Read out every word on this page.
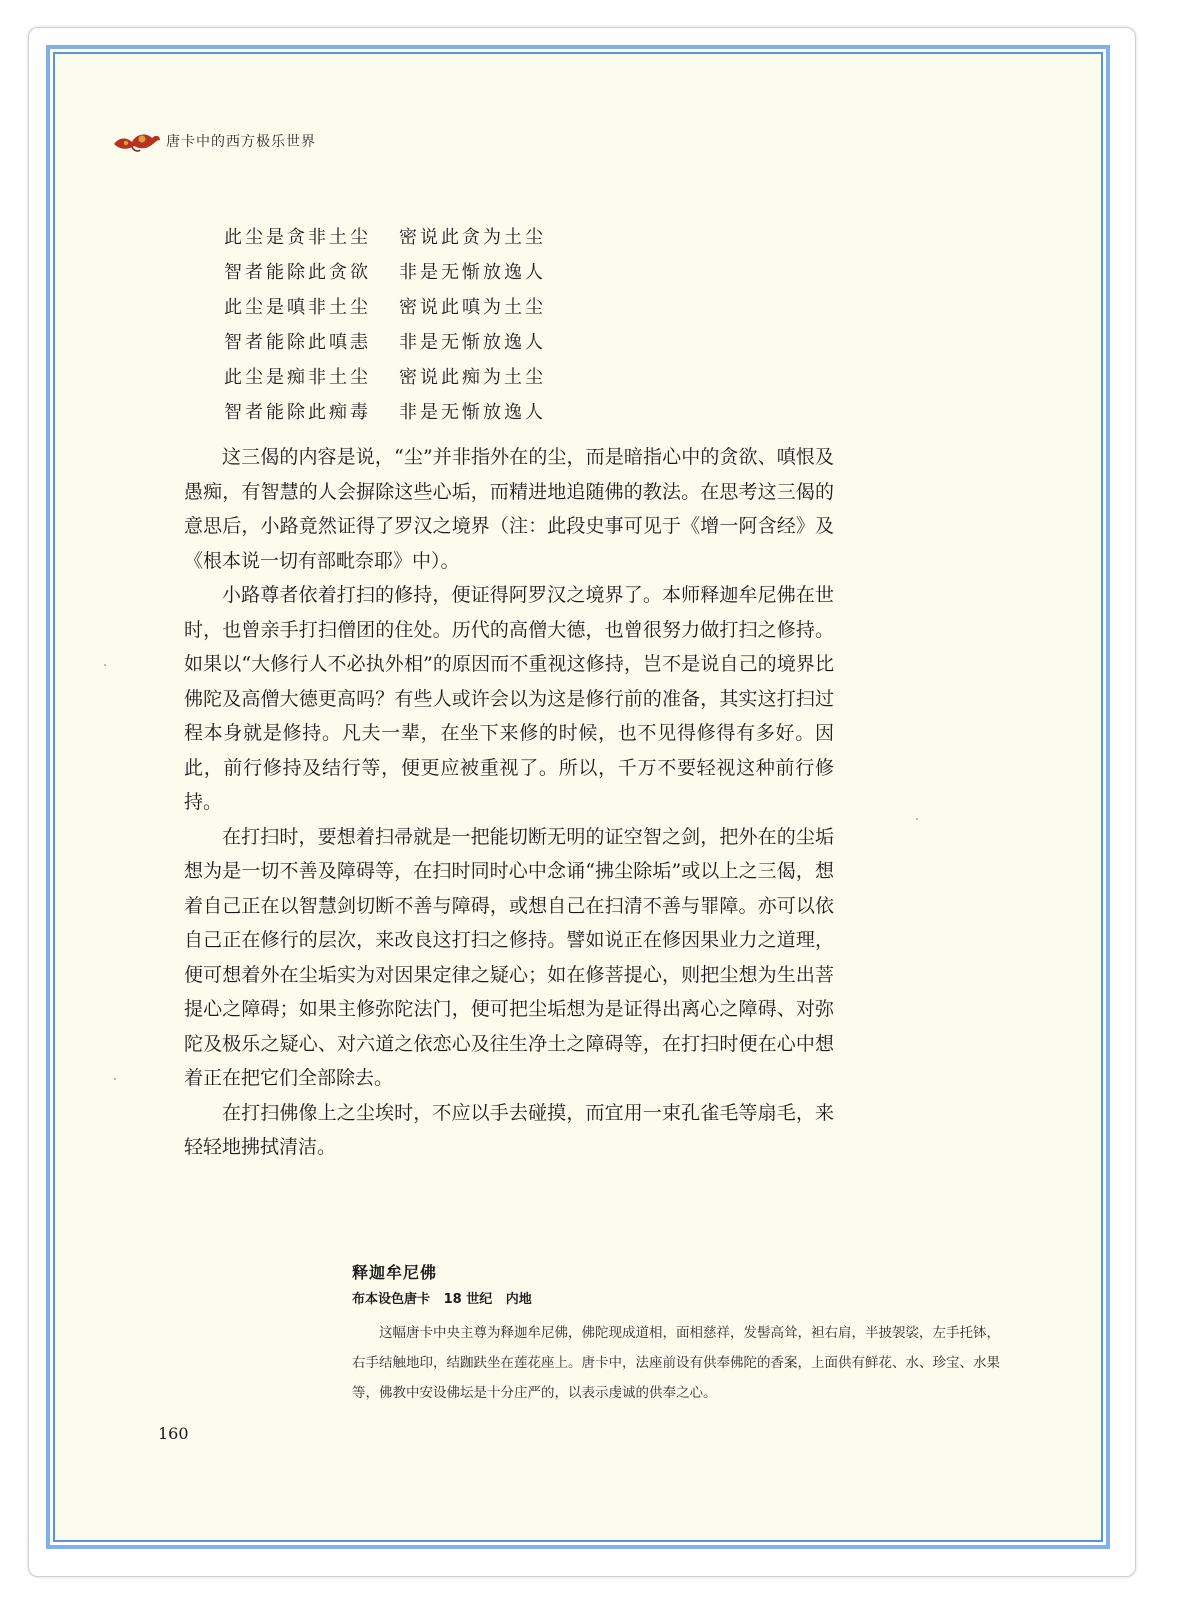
唐卡中的西方极乐世界
此尘是贪非土尘	密说此贪为土尘
智者能除此贪欲	非是无惭放逸人
此尘是嗔非土尘	密说此嗔为土尘
智者能除此嗔恚	非是无惭放逸人
此尘是痴非土尘	密说此痴为土尘
智者能除此痴毒	非是无惭放逸人

这三偈的内容是说，“尘”并非指外在的尘，而是暗指心中的贪欲、嗔恨及愚痴，有智慧的人会摒除这些心垢，而精进地追随佛的教法。在思考这三偈的意思后，小路竟然证得了罗汉之境界（注：此段史事可见于《增一阿含经》及《根本说一切有部毗奈耶》中）。

小路尊者依着打扫的修持，便证得阿罗汉之境界了。本师释迦牟尼佛在世时，也曾亲手打扫僧团的住处。历代的高僧大德，也曾很努力做打扫之修持。如果以“大修行人不必执外相”的原因而不重视这修持，岂不是说自己的境界比佛陀及高僧大德更高吗？有些人或许会以为这是修行前的准备，其实这打扫过程本身就是修持。凡夫一辈，在坐下来修的时候，也不见得修得有多好。因此，前行修持及结行等，便更应被重视了。所以，千万不要轻视这种前行修持。

在打扫时，要想着扫帚就是一把能切断无明的证空智之剑，把外在的尘垢想为是一切不善及障碍等，在扫时同时心中念诵“拂尘除垢”或以上之三偈，想着自己正在以智慧剑切断不善与障碍，或想自己在扫清不善与罪障。亦可以依自己正在修行的层次，来改良这打扫之修持。譬如说正在修因果业力之道理，便可想着外在尘垢实为对因果定律之疑心；如在修菩提心，则把尘想为生出菩提心之障碍；如果主修弥陀法门，便可把尘垢想为是证得出离心之障碍、对弥陀及极乐之疑心、对六道之依恋心及往生净土之障碍等，在打扫时便在心中想着正在把它们全部除去。

在打扫佛像上之尘埃时，不应以手去碰摸，而宜用一束孔雀毛等扇毛，来轻轻地拂拭清洁。

释迦牟尼佛
布本设色唐卡   18 世纪   内地
这幅唐卡中央主尊为释迦牟尼佛，佛陀现成道相，面相慈祥，发髻高耸，袒右肩，半披袈裟，左手托钵，右手结触地印，结跏趺坐在莲花座上。唐卡中，法座前设有供奉佛陀的香案，上面供有鲜花、水、珍宝、水果等，佛教中安设佛坛是十分庄严的，以表示虔诚的供奉之心。
160
